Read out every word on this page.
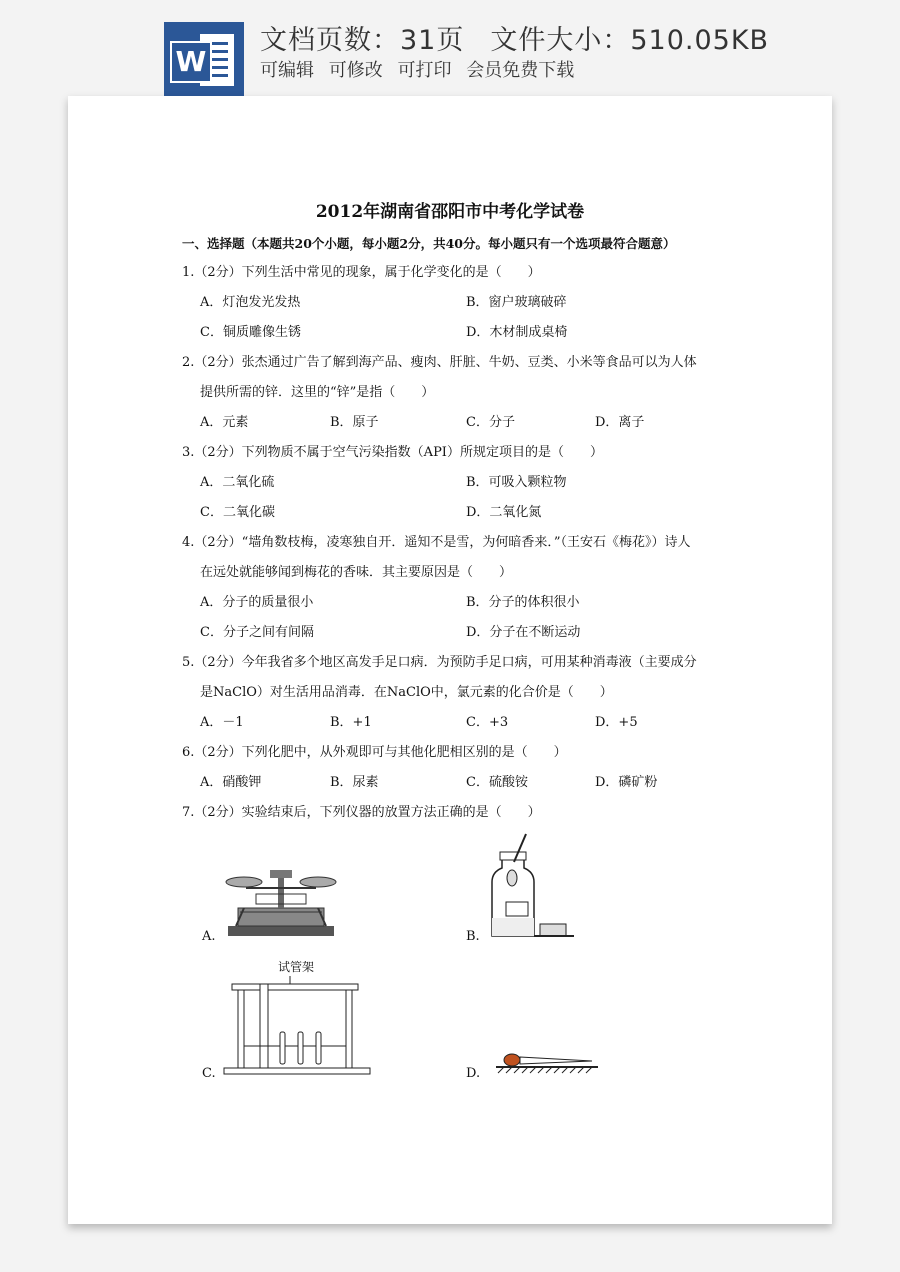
W
文档页数：31页 文件大小：510.05KB
可编辑 可修改 可打印 会员免费下载
2012年湖南省邵阳市中考化学试卷
一、选择题（本题共20个小题，每小题2分，共40分。每小题只有一个选项最符合题意）
1.（2分）下列生活中常见的现象，属于化学变化的是（　　）
A．灯泡发光发热	B．窗户玻璃破碎
C．铜质雕像生锈	D．木材制成桌椅
2.（2分）张杰通过广告了解到海产品、瘦肉、肝脏、牛奶、豆类、小米等食品可以为人体
提供所需的锌．这里的“锌”是指（　　）
A．元素	B．原子	C．分子	D．离子
3.（2分）下列物质不属于空气污染指数（API）所规定项目的是（　　）
A．二氧化硫	B．可吸入颗粒物
C．二氧化碳	D．二氧化氮
4.（2分）“墙角数枝梅，凌寒独自开．遥知不是雪，为何暗香来．”（王安石《梅花》）诗人
在远处就能够闻到梅花的香味．其主要原因是（　　）
A．分子的质量很小	B．分子的体积很小
C．分子之间有间隔	D．分子在不断运动
5.（2分）今年我省多个地区高发手足口病．为预防手足口病，可用某种消毒液（主要成分
是NaClO）对生活用品消毒．在NaClO中，氯元素的化合价是（　　）
A．－1	B．+1	C．+3	D．+5
6.（2分）下列化肥中，从外观即可与其他化肥相区别的是（　　）
A．硝酸钾	B．尿素	C．硫酸铵	D．磷矿粉
7.（2分）实验结束后，下列仪器的放置方法正确的是（　　）
A.	B.
C.
试管架
D.
